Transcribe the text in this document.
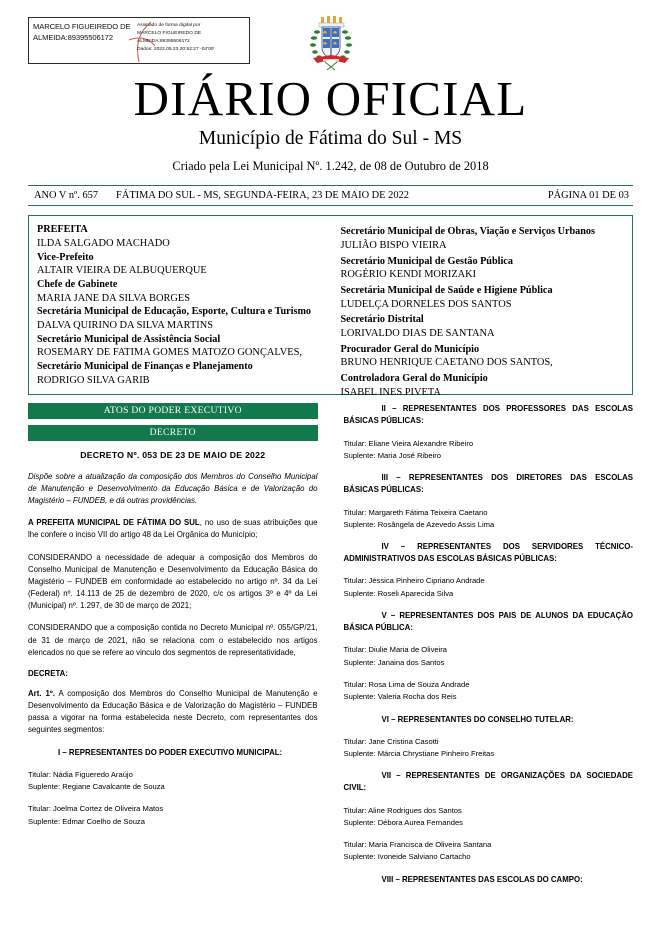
MARCELO FIGUEIREDO DE ALMEIDA:89395506172
Assinado de forma digital por
MARCELO FIGUEIREDO DE
ALMEIDA:89395506172
Dados: 2022.05.23 20:52:27 -04'00'
DIÁRIO OFICIAL
Município de Fátima do Sul - MS
Criado pela Lei Municipal Nº. 1.242, de 08 de Outubro de 2018
ANO V nº. 657	FÁTIMA DO SUL - MS, SEGUNDA-FEIRA, 23 DE MAIO DE 2022	PÁGINA 01 DE 03
PREFEITA
ILDA SALGADO MACHADO
Vice-Prefeito
ALTAIR VIEIRA DE ALBUQUERQUE
Chefe de Gabinete
MARIA JANE DA SILVA BORGES
Secretária Municipal de Educação, Esporte, Cultura e Turismo
DALVA QUIRINO DA SILVA MARTINS
Secretário Municipal de Assistência Social
ROSEMARY DE FATIMA GOMES MATOZO GONÇALVES,
Secretário Municipal de Finanças e Planejamento
RODRIGO SILVA GARIB
Secretário Municipal de Obras, Viação e Serviços Urbanos
JULIÃO BISPO VIEIRA
Secretário Municipal de Gestão Pública
ROGÉRIO KENDI MORIZAKI
Secretária Municipal de Saúde e Higiene Pública
LUDELÇA DORNELES DOS SANTOS
Secretário Distrital
LORIVALDO DIAS DE SANTANA
Procurador Geral do Município
BRUNO HENRIQUE CAETANO DOS SANTOS,
Controladora Geral do Município
ISABEL INES PIVETA
ATOS DO PODER EXECUTIVO
DECRETO
DECRETO Nº. 053 DE 23 DE MAIO DE 2022

Dispõe sobre a atualização da composição dos Membros do Conselho Municipal de Manutenção e Desenvolvimento da Educação Básica e de Valorização do Magistério – FUNDEB, e dá outras providências.

A PREFEITA MUNICIPAL DE FÁTIMA DO SUL, no uso de suas atribuições que lhe confere o inciso VII do artigo 48 da Lei Orgânica do Município;

CONSIDERANDO a necessidade de adequar a composição dos Membros do Conselho Municipal de Manutenção e Desenvolvimento da Educação Básica do Magistério – FUNDEB em conformidade ao estabelecido no artigo nº. 34 da Lei (Federal) nº. 14.113 de 25 de dezembro de 2020, c/c os artigos 3º e 4º da Lei (Municipal) nº. 1.297, de 30 de março de 2021;

CONSIDERANDO que a composição contida no Decreto Municipal nº. 055/GP/21, de 31 de março de 2021, não se relaciona com o estabelecido nos artigos elencados no que se refere ao vinculo dos segmentos de representatividade,

DECRETA:

Art. 1º. A composição dos Membros do Conselho Municipal de Manutenção e Desenvolvimento da Educação Básica e de Valorização do Magistério – FUNDEB passa a vigorar na forma estabelecida neste Decreto, com representantes dos seguintes segmentos:

I – REPRESENTANTES DO PODER EXECUTIVO MUNICIPAL:

Titular: Nádia Figueredo Araújo
Suplente: Regiane Cavalcante de Souza
Titular: Joelma Cortez de Oliveira Matos
Suplente: Edmar Coelho de Souza

II – REPRESENTANTES DOS PROFESSORES DAS ESCOLAS BÁSICAS PÚBLICAS:

Titular: Eliane Vieira Alexandre Ribeiro
Suplente: Maria José Ribeiro

III – REPRESENTANTES DOS DIRETORES DAS ESCOLAS BÁSICAS PÚBLICAS:

Titular: Margareth Fátima Teixeira Caetano
Suplente: Rosângela de Azevedo Assis Lima

IV – REPRESENTANTES DOS SERVIDORES TÉCNICO-ADMINISTRATIVOS DAS ESCOLAS BÁSICAS PÚBLICAS:

Titular: Jéssica Pinheiro Cipriano Andrade
Suplente: Roseli Aparecida Silva

V – REPRESENTANTES DOS PAIS DE ALUNOS DA EDUCAÇÃO BÁSICA PÚBLICA:

Titular: Diulie Maria de Oliveira
Suplente: Janaina dos Santos
Titular: Rosa Lima de Souza Andrade
Suplente: Valeria Rocha dos Reis

VI – REPRESENTANTES DO CONSELHO TUTELAR:

Titular: Jane Cristina Casotti
Suplente: Márcia Chrystiane Pinheiro Freitas

VII – REPRESENTANTES DE ORGANIZAÇÕES DA SOCIEDADE CIVIL:

Titular: Aline Rodrigues dos Santos
Suplente: Débora Aurea Fernandes
Titular: Maria Francisca de Oliveira Santana
Suplente: Ivoneide Salviano Cartacho

VIII – REPRESENTANTES DAS ESCOLAS DO CAMPO:
